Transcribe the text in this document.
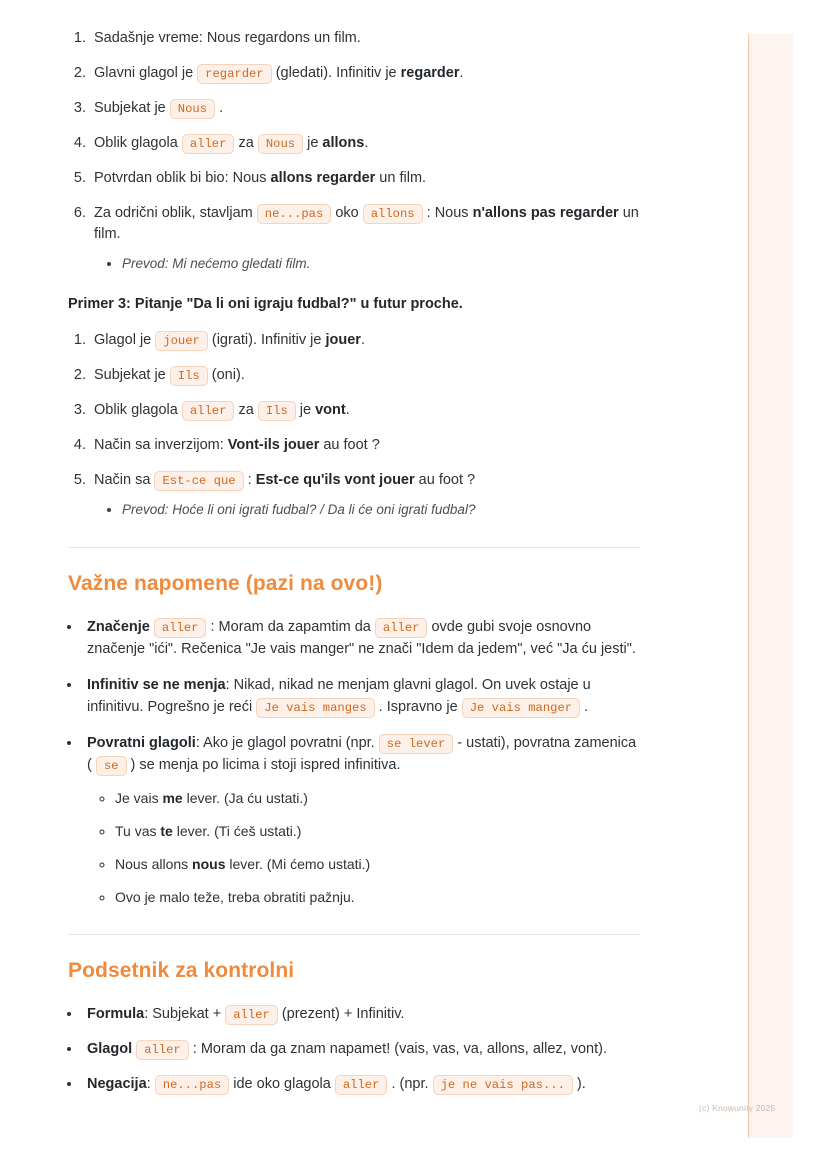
1. Sadašnje vreme: Nous regardons un film.
2. Glavni glagol je regarder (gledati). Infinitiv je regarder.
3. Subjekat je Nous .
4. Oblik glagola aller za Nous je allons.
5. Potvrdan oblik bi bio: Nous allons regarder un film.
6. Za odrični oblik, stavljam ne...pas oko allons : Nous n'allons pas regarder un film.
• Prevod: Mi nećemo gledati film.
Primer 3: Pitanje "Da li oni igraju fudbal?" u futur proche.
1. Glagol je jouer (igrati). Infinitiv je jouer.
2. Subjekat je Ils (oni).
3. Oblik glagola aller za Ils je vont.
4. Način sa inverzijom: Vont-ils jouer au foot ?
5. Način sa Est-ce que : Est-ce qu'ils vont jouer au foot ?
• Prevod: Hoće li oni igrati fudbal? / Da li će oni igrati fudbal?
Važne napomene (pazi na ovo!)
• Značenje aller : Moram da zapamtim da aller ovde gubi svoje osnovno značenje "ići". Rečenica "Je vais manger" ne znači "Idem da jedem", već "Ja ću jesti".
• Infinitiv se ne menja: Nikad, nikad ne menjam glavni glagol. On uvek ostaje u infinitivu. Pogrešno je reći Je vais manges . Ispravno je Je vais manger .
• Povratni glagoli: Ako je glagol povratni (npr. se lever - ustati), povratna zamenica ( se ) se menja po licima i stoji ispred infinitiva.
◦ Je vais me lever. (Ja ću ustati.)
◦ Tu vas te lever. (Ti ćeš ustati.)
◦ Nous allons nous lever. (Mi ćemo ustati.)
◦ Ovo je malo teže, treba obratiti pažnju.
Podsetnik za kontrolni
• Formula: Subjekat + aller (prezent) + Infinitiv.
• Glagol aller : Moram da ga znam napamet! (vais, vas, va, allons, allez, vont).
• Negacija: ne...pas ide oko glagola aller . (npr. je ne vais pas... ).
(c) Knowunity 2025
